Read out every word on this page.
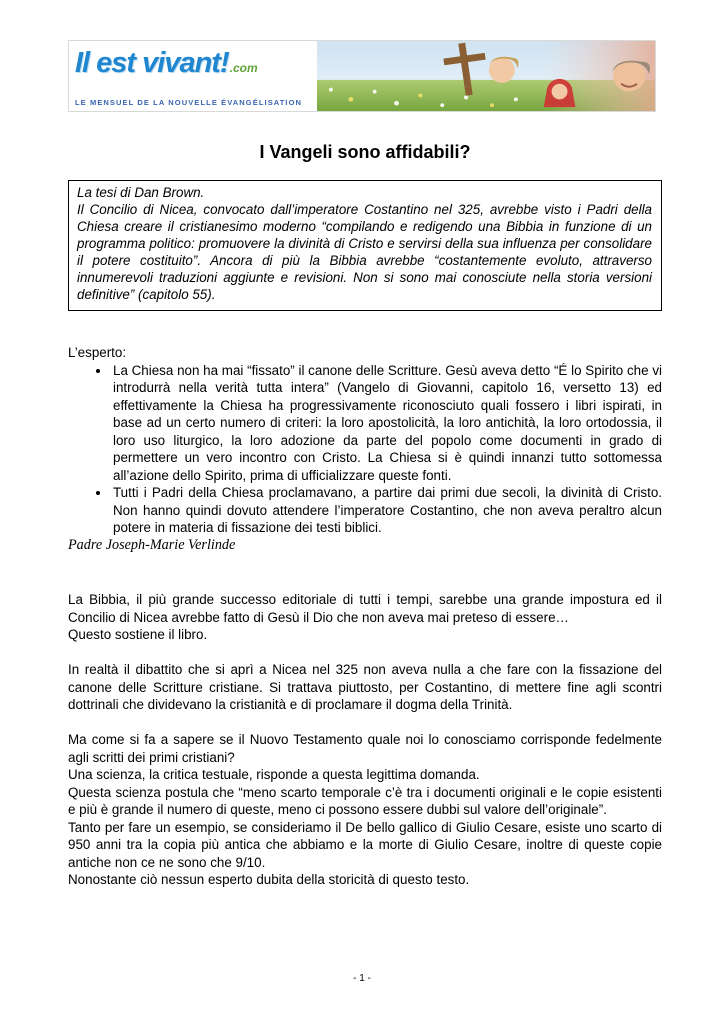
Il est vivant!.com
LE MENSUEL DE LA NOUVELLE ÉVANGÉLISATION
I Vangeli sono affidabili?

La tesi di Dan Brown.

Il Concilio di Nicea, convocato dall’imperatore Costantino nel 325, avrebbe visto i Padri della Chiesa creare il cristianesimo moderno “compilando e redigendo una Bibbia in funzione di un programma politico: promuovere la divinità di Cristo e servirsi della sua influenza per consolidare il potere costituito”. Ancora di più la Bibbia avrebbe “costantemente evoluto, attraverso innumerevoli traduzioni aggiunte e revisioni. Non si sono mai conosciute nella storia versioni definitive” (capitolo 55).

L’esperto:

• La Chiesa non ha mai “fissato” il canone delle Scritture. Gesù aveva detto “É lo Spirito che vi introdurrà nella verità tutta intera” (Vangelo di Giovanni, capitolo 16, versetto 13) ed effettivamente la Chiesa ha progressivamente riconosciuto quali fossero i libri ispirati, in base ad un certo numero di criteri: la loro apostolicità, la loro antichità, la loro ortodossia, il loro uso liturgico, la loro adozione da parte del popolo come documenti in grado di permettere un vero incontro con Cristo. La Chiesa si è quindi innanzi tutto sottomessa all’azione dello Spirito, prima di ufficializzare queste fonti.
• Tutti i Padri della Chiesa proclamavano, a partire dai primi due secoli, la divinità di Cristo. Non hanno quindi dovuto attendere l’imperatore Costantino, che non aveva peraltro alcun potere in materia di fissazione dei testi biblici.

Padre Joseph-Marie Verlinde

La Bibbia, il più grande successo editoriale di tutti i tempi, sarebbe una grande impostura ed il Concilio di Nicea avrebbe fatto di Gesù il Dio che non aveva mai preteso di essere…

Questo sostiene il libro.

In realtà il dibattito che si aprì a Nicea nel 325 non aveva nulla a che fare con la fissazione del canone delle Scritture cristiane. Si trattava piuttosto, per Costantino, di mettere fine agli scontri dottrinali che dividevano la cristianità e di proclamare il dogma della Trinità.

Ma come si fa a sapere se il Nuovo Testamento quale noi lo conosciamo corrisponde fedelmente agli scritti dei primi cristiani?

Una scienza, la critica testuale, risponde a questa legittima domanda.

Questa scienza postula che “meno scarto temporale c’è tra i documenti originali e le copie esistenti e più è grande il numero di queste, meno ci possono essere dubbi sul valore dell’originale”.

Tanto per fare un esempio, se consideriamo il De bello gallico di Giulio Cesare, esiste uno scarto di 950 anni tra la copia più antica che abbiamo e la morte di Giulio Cesare, inoltre di queste copie antiche non ce ne sono che 9/10.

Nonostante ciò nessun esperto dubita della storicità di questo testo.

- 1 -
